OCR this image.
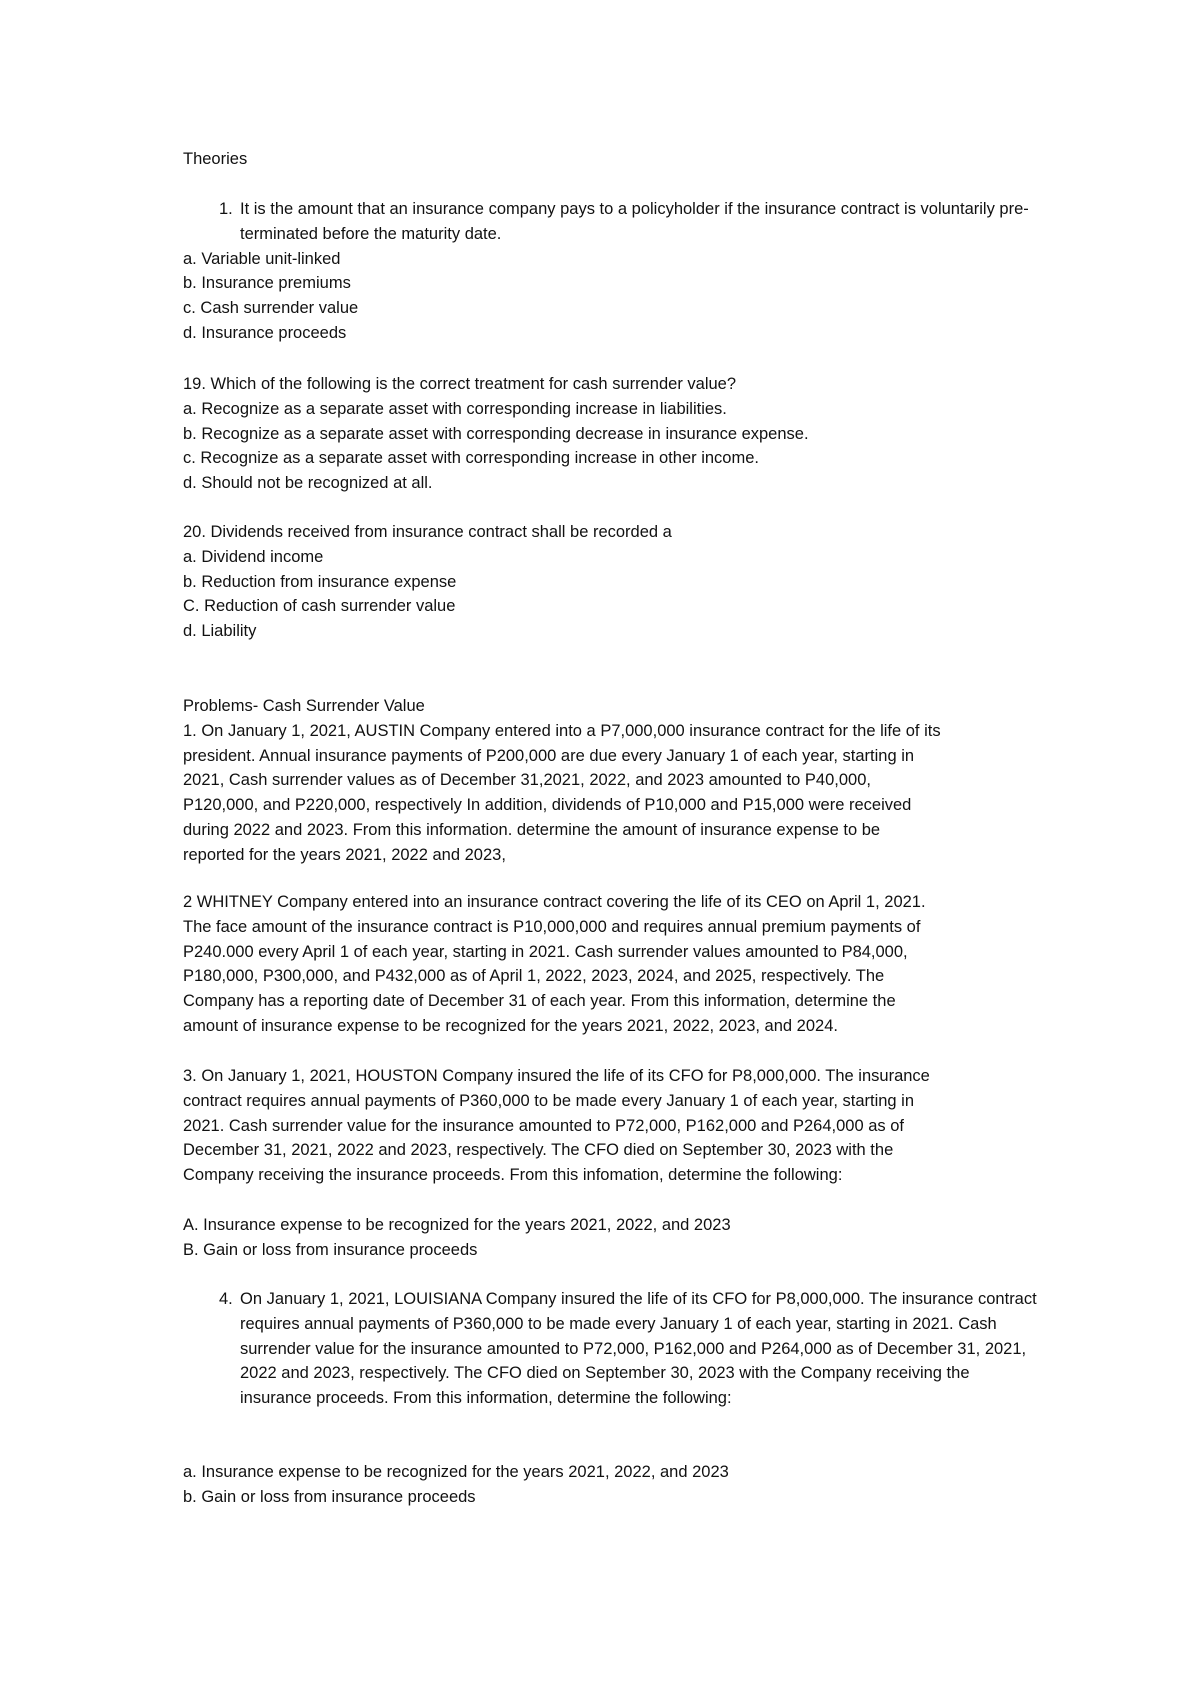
Theories

1. It is the amount that an insurance company pays to a policyholder if the insurance contract is voluntarily pre-terminated before the maturity date.

a. Variable unit-linked

b. Insurance premiums

c. Cash surrender value

d. Insurance proceeds

19. Which of the following is the correct treatment for cash surrender value?

a. Recognize as a separate asset with corresponding increase in liabilities.

b. Recognize as a separate asset with corresponding decrease in insurance expense.

c. Recognize as a separate asset with corresponding increase in other income.

d. Should not be recognized at all.

20. Dividends received from insurance contract shall be recorded a

a. Dividend income

b. Reduction from insurance expense

C. Reduction of cash surrender value

d. Liability

Problems- Cash Surrender Value

1. On January 1, 2021, AUSTIN Company entered into a P7,000,000 insurance contract for the life of its

president. Annual insurance payments of P200,000 are due every January 1 of each year, starting in

2021, Cash surrender values as of December 31,2021, 2022, and 2023 amounted to P40,000,

P120,000, and P220,000, respectively In addition, dividends of P10,000 and P15,000 were received

during 2022 and 2023. From this information. determine the amount of insurance expense to be

reported for the years 2021, 2022 and 2023,

2 WHITNEY Company entered into an insurance contract covering the life of its CEO on April 1, 2021.

The face amount of the insurance contract is P10,000,000 and requires annual premium payments of

P240.000 every April 1 of each year, starting in 2021. Cash surrender values amounted to P84,000,

P180,000, P300,000, and P432,000 as of April 1, 2022, 2023, 2024, and 2025, respectively. The

Company has a reporting date of December 31 of each year. From this information, determine the

amount of insurance expense to be recognized for the years 2021, 2022, 2023, and 2024.

3. On January 1, 2021, HOUSTON Company insured the life of its CFO for P8,000,000. The insurance

contract requires annual payments of P360,000 to be made every January 1 of each year, starting in

2021. Cash surrender value for the insurance amounted to P72,000, P162,000 and P264,000 as of

December 31, 2021, 2022 and 2023, respectively. The CFO died on September 30, 2023 with the

Company receiving the insurance proceeds. From this infomation, determine the following:

A. Insurance expense to be recognized for the years 2021, 2022, and 2023

B. Gain or loss from insurance proceeds

4. On January 1, 2021, LOUISIANA Company insured the life of its CFO for P8,000,000. The insurance contract requires annual payments of P360,000 to be made every January 1 of each year, starting in 2021. Cash surrender value for the insurance amounted to P72,000, P162,000 and P264,000 as of December 31, 2021, 2022 and 2023, respectively. The CFO died on September 30, 2023 with the Company receiving the insurance proceeds. From this information, determine the following:

a. Insurance expense to be recognized for the years 2021, 2022, and 2023

b. Gain or loss from insurance proceeds
